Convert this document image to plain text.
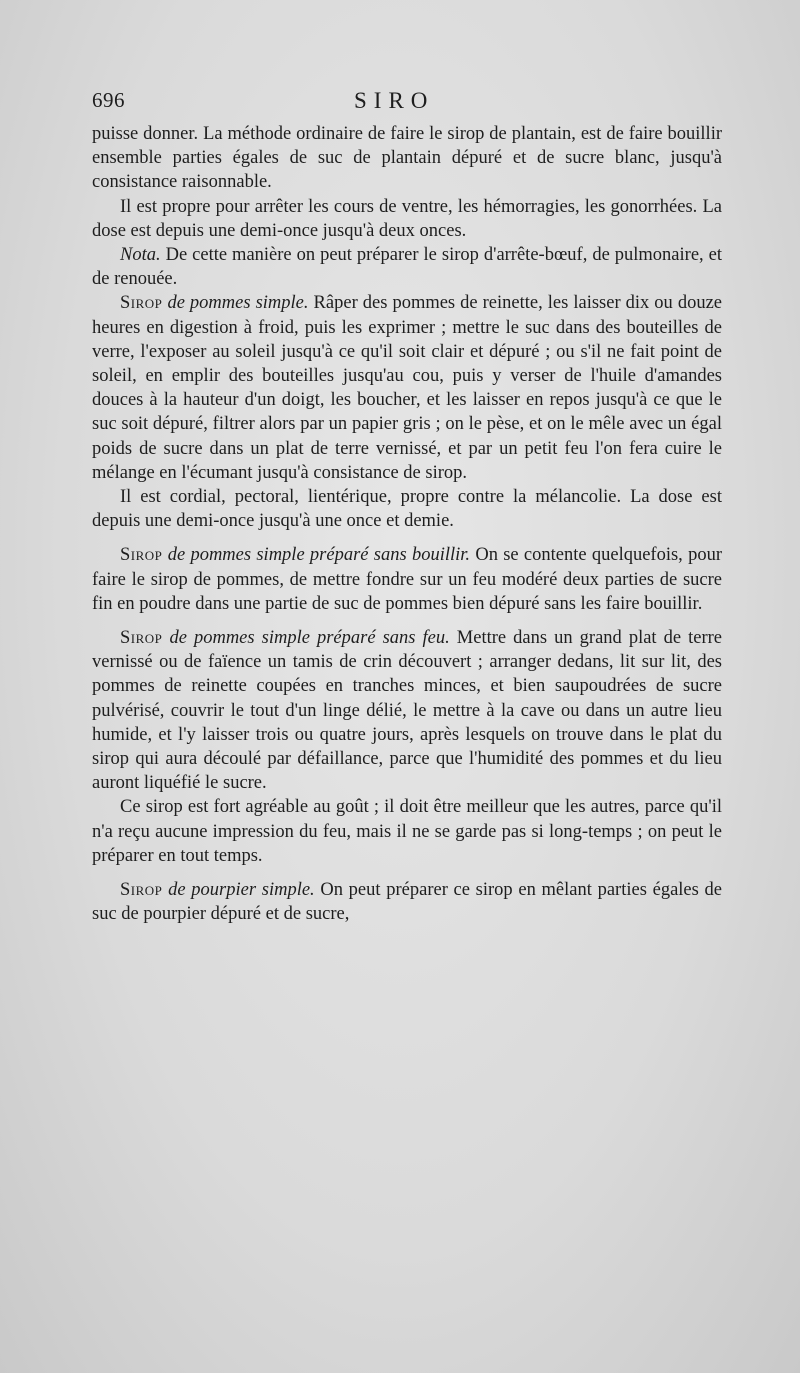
696	SIRO

puisse donner. La méthode ordinaire de faire le sirop de plantain, est de faire bouillir ensemble parties égales de suc de plantain dépuré et de sucre blanc, jusqu'à consistance raisonnable.

Il est propre pour arrêter les cours de ventre, les hémorragies, les gonorrhées. La dose est depuis une demi-once jusqu'à deux onces.

Nota. De cette manière on peut préparer le sirop d'arrête-bœuf, de pulmonaire, et de renouée.

Sirop de pommes simple. Râper des pommes de reinette, les laisser dix ou douze heures en digestion à froid, puis les exprimer ; mettre le suc dans des bouteilles de verre, l'exposer au soleil jusqu'à ce qu'il soit clair et dépuré ; ou s'il ne fait point de soleil, en emplir des bouteilles jusqu'au cou, puis y verser de l'huile d'amandes douces à la hauteur d'un doigt, les boucher, et les laisser en repos jusqu'à ce que le suc soit dépuré, filtrer alors par un papier gris ; on le pèse, et on le mêle avec un égal poids de sucre dans un plat de terre vernissé, et par un petit feu l'on fera cuire le mélange en l'écumant jusqu'à consistance de sirop.

Il est cordial, pectoral, lientérique, propre contre la mélancolie. La dose est depuis une demi-once jusqu'à une once et demie.

Sirop de pommes simple préparé sans bouillir. On se contente quelquefois, pour faire le sirop de pommes, de mettre fondre sur un feu modéré deux parties de sucre fin en poudre dans une partie de suc de pommes bien dépuré sans les faire bouillir.

Sirop de pommes simple préparé sans feu. Mettre dans un grand plat de terre vernissé ou de faïence un tamis de crin découvert ; arranger dedans, lit sur lit, des pommes de reinette coupées en tranches minces, et bien saupoudrées de sucre pulvérisé, couvrir le tout d'un linge délié, le mettre à la cave ou dans un autre lieu humide, et l'y laisser trois ou quatre jours, après lesquels on trouve dans le plat du sirop qui aura découlé par défaillance, parce que l'humidité des pommes et du lieu auront liquéfié le sucre.

Ce sirop est fort agréable au goût ; il doit être meilleur que les autres, parce qu'il n'a reçu aucune impression du feu, mais il ne se garde pas si long-temps ; on peut le préparer en tout temps.

Sirop de pourpier simple. On peut préparer ce sirop en mêlant parties égales de suc de pourpier dépuré et de sucre,
